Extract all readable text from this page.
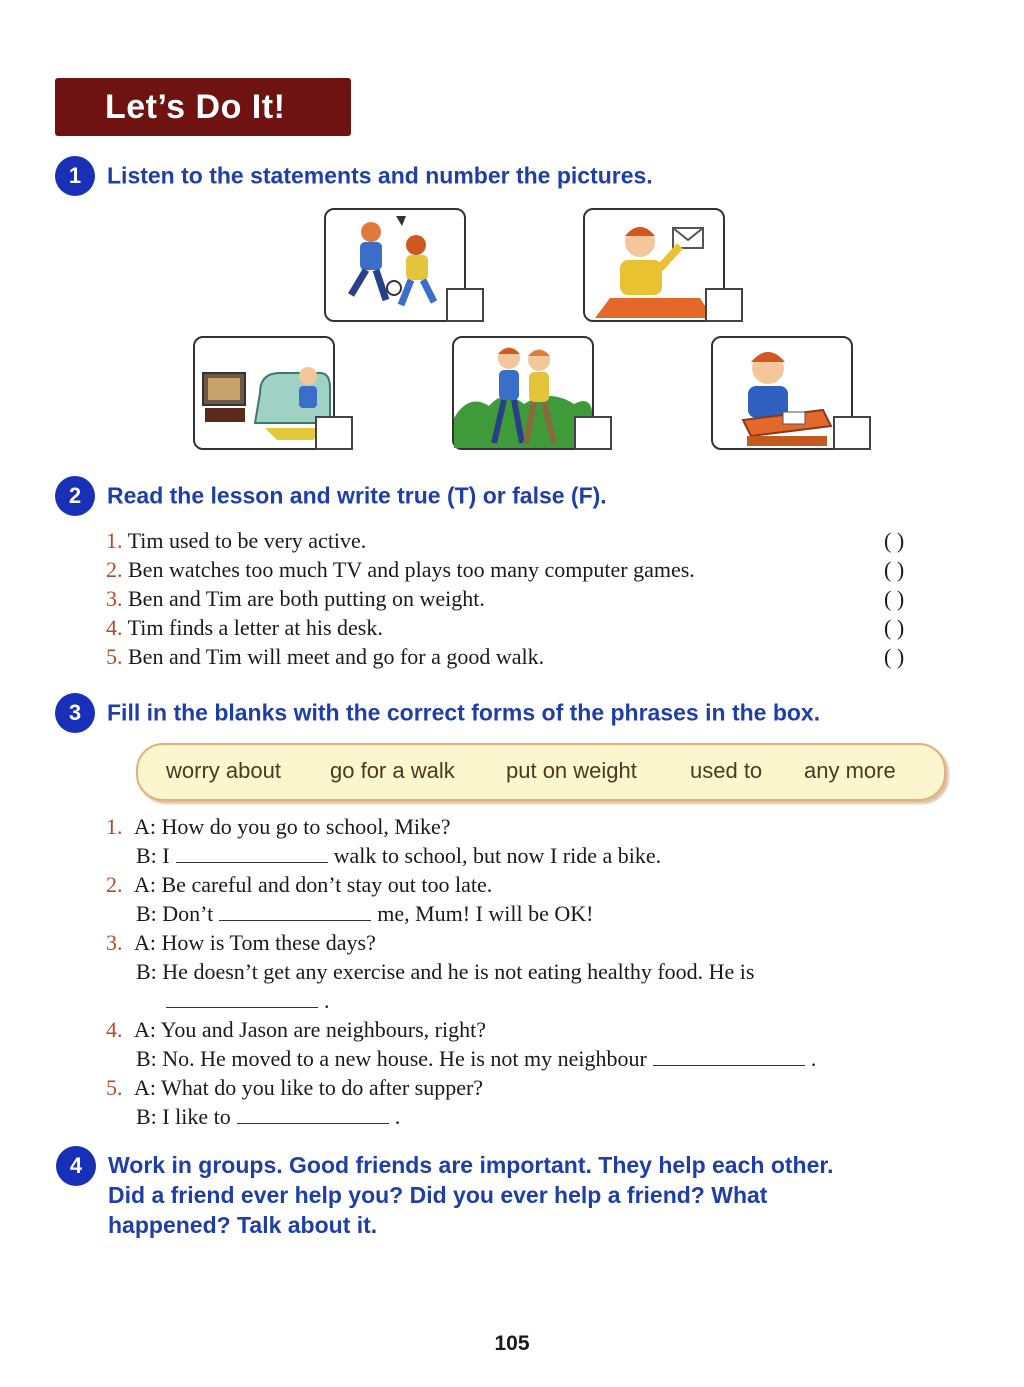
Let’s Do It!
1 Listen to the statements and number the pictures.
2 Read the lesson and write true (T) or false (F).
1. Tim used to be very active.	( )
2. Ben watches too much TV and plays too many computer games.	( )
3. Ben and Tim are both putting on weight.	( )
4. Tim finds a letter at his desk.	( )
5. Ben and Tim will meet and go for a good walk.	( )
3 Fill in the blanks with the correct forms of the phrases in the box.
worry about go for a walk put on weight used to any more
1. A: How do you go to school, Mike?
B: I	walk to school, but now I ride a bike.
2. A: Be careful and don’t stay out too late.
B: Don’t	me, Mum! I will be OK!
3. A: How is Tom these days?
B: He doesn’t get any exercise and he is not eating healthy food. He is
.
4. A: You and Jason are neighbours, right?
B: No. He moved to a new house. He is not my neighbour	.
5. A: What do you like to do after supper?
B: I like to	.
4	Work in groups. Good friends are important. They help each other.
Did a friend ever help you? Did you ever help a friend? What
happened? Talk about it.
105
